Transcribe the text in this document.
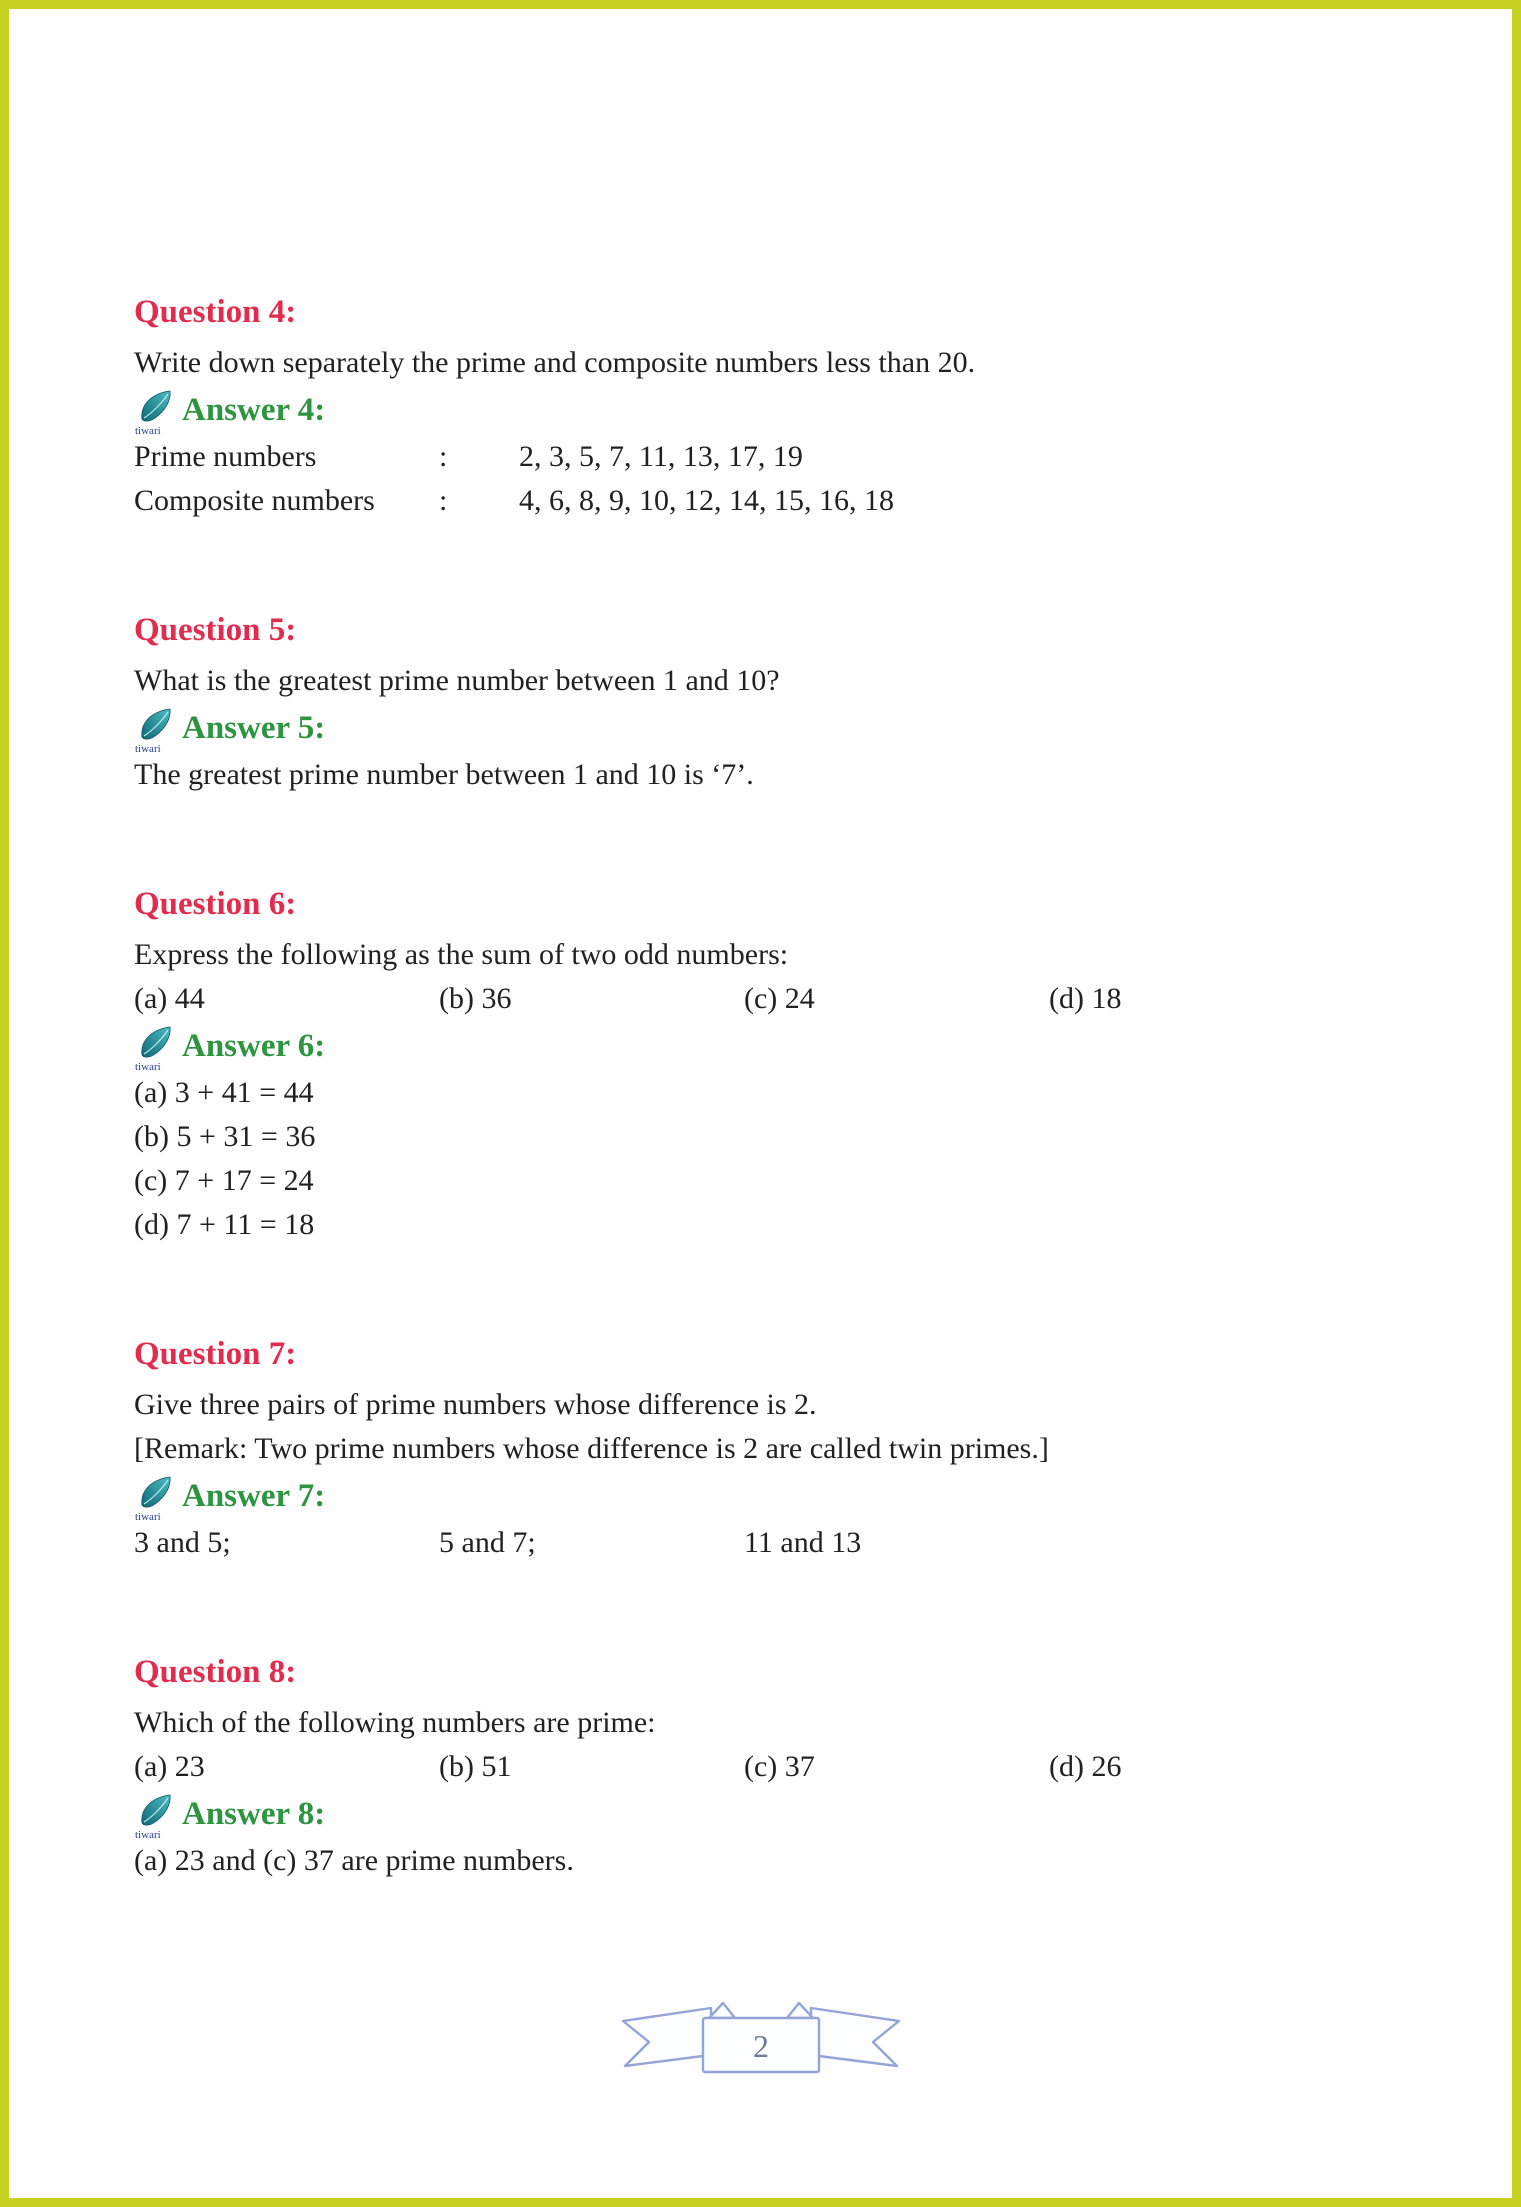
Question 4:

Write down separately the prime and composite numbers less than 20.

tiwari
Answer 4:
Prime numbers	:	2, 3, 5, 7, 11, 13, 17, 19
Composite numbers	:	4, 6, 8, 9, 10, 12, 14, 15, 16, 18
Question 5:

What is the greatest prime number between 1 and 10?

tiwari
Answer 5:

The greatest prime number between 1 and 10 is ‘7’.

Question 6:

Express the following as the sum of two odd numbers:

(a) 44	(b) 36	(c) 24	(d) 18
tiwari
Answer 6:

(a) 3 + 41 = 44

(b) 5 + 31 = 36

(c) 7 + 17 = 24

(d) 7 + 11 = 18

Question 7:

Give three pairs of prime numbers whose difference is 2.

[Remark: Two prime numbers whose difference is 2 are called twin primes.]

tiwari
Answer 7:
3 and 5;	5 and 7;	11 and 13
Question 8:

Which of the following numbers are prime:

(a) 23	(b) 51	(c) 37	(d) 26
tiwari
Answer 8:

(a) 23 and (c) 37 are prime numbers.

2
